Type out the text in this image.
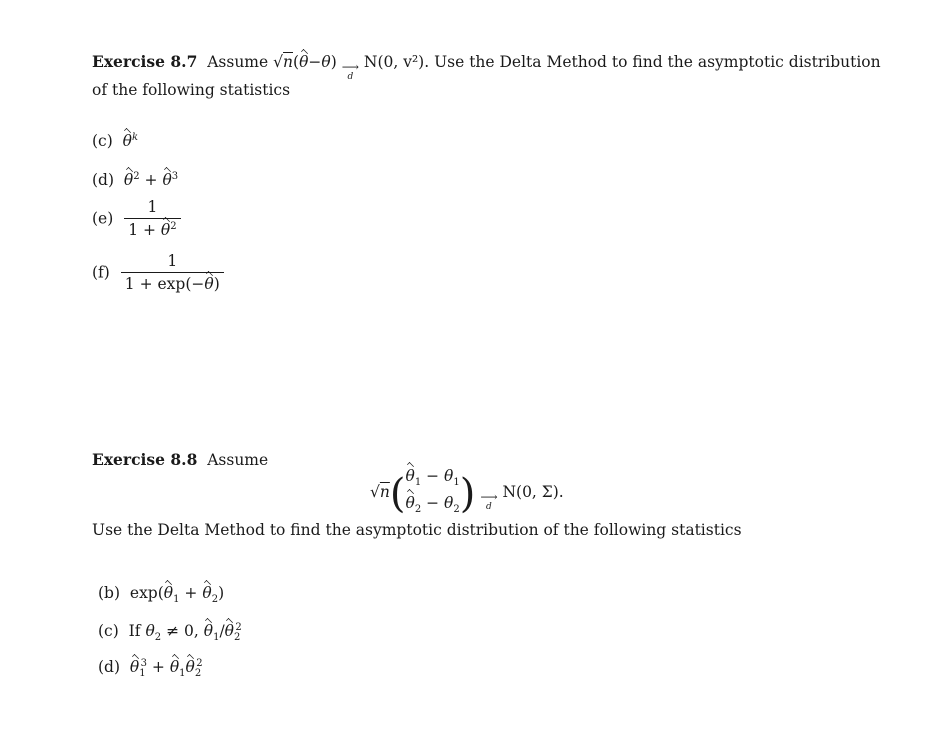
Exercise 8.7 Assume √n(θ−θ) ⟶
d
N(0, v²). Use the Delta Method to find the asymptotic distribution
of the following statistics
(c) $\theta^k$
(d) $\theta^2 + \theta^3$
$(e) \frac{1}{1 + \theta^2}$
$(f) \frac{1}{1 + \exp(-\theta)}$
Exercise 8.8 Assume
√n( $\theta_1 - \theta_1$
$\theta_2 - \theta_2$ ) ⟶
d
N(0, Σ).
Use the Delta Method to find the asymptotic distribution of the following statistics
(b) $\exp(\theta_1 + \theta_2)$
(c) If $\theta_2 \ne 0$, $\theta_1/\theta_2^2$
(d) $\theta_1^3 + \theta_1\theta_2^2$
